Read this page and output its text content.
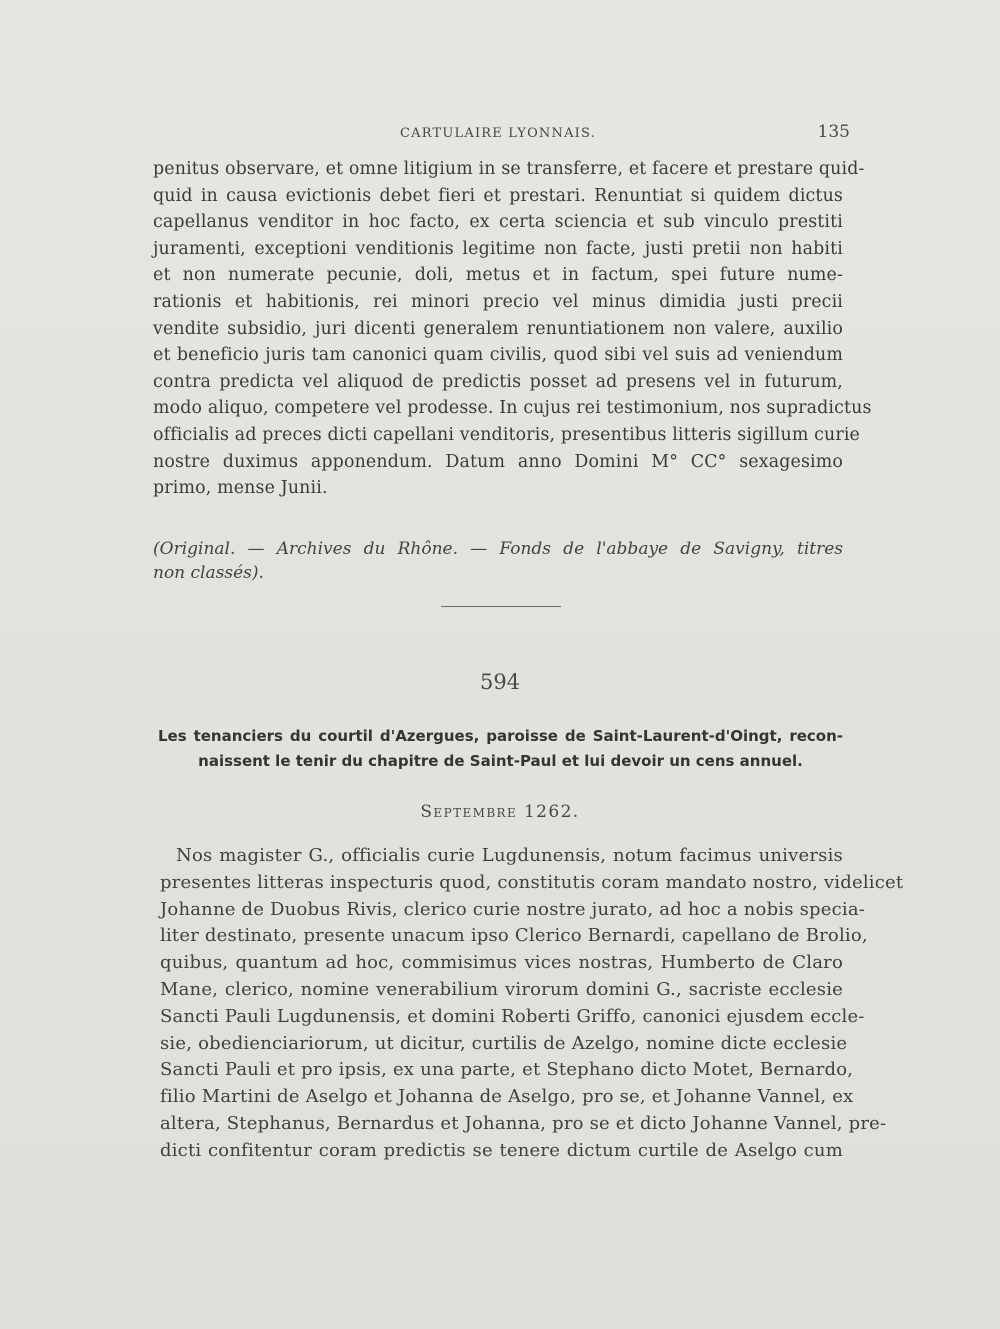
CARTULAIRE LYONNAIS.	135

penitus observare, et omne litigium in se transferre, et facere et prestare quid-
quid in causa evictionis debet fieri et prestari. Renuntiat si quidem dictus
capellanus venditor in hoc facto, ex certa sciencia et sub vinculo prestiti
juramenti, exceptioni venditionis legitime non facte, justi pretii non habiti
et non numerate pecunie, doli, metus et in factum, spei future nume-
rationis et habitionis, rei minori precio vel minus dimidia justi precii
vendite subsidio, juri dicenti generalem renuntiationem non valere, auxilio
et beneficio juris tam canonici quam civilis, quod sibi vel suis ad veniendum
contra predicta vel aliquod de predictis posset ad presens vel in futurum,
modo aliquo, competere vel prodesse. In cujus rei testimonium, nos supradictus
officialis ad preces dicti capellani venditoris, presentibus litteris sigillum curie
nostre duximus apponendum. Datum anno Domini M° CC° sexagesimo
primo, mense Junii.

(Original. — Archives du Rhône. — Fonds de l'abbaye de Savigny, titres
non classés).

594
Les tenanciers du courtil d'Azergues, paroisse de Saint-Laurent-d'Oingt, recon-
naissent le tenir du chapitre de Saint-Paul et lui devoir un cens annuel.
Septembre 1262.

Nos magister G., officialis curie Lugdunensis, notum facimus universis
presentes litteras inspecturis quod, constitutis coram mandato nostro, videlicet
Johanne de Duobus Rivis, clerico curie nostre jurato, ad hoc a nobis specia-
liter destinato, presente unacum ipso Clerico Bernardi, capellano de Brolio,
quibus, quantum ad hoc, commisimus vices nostras, Humberto de Claro
Mane, clerico, nomine venerabilium virorum domini G., sacriste ecclesie
Sancti Pauli Lugdunensis, et domini Roberti Griffo, canonici ejusdem eccle-
sie, obedienciariorum, ut dicitur, curtilis de Azelgo, nomine dicte ecclesie
Sancti Pauli et pro ipsis, ex una parte, et Stephano dicto Motet, Bernardo,
filio Martini de Aselgo et Johanna de Aselgo, pro se, et Johanne Vannel, ex
altera, Stephanus, Bernardus et Johanna, pro se et dicto Johanne Vannel, pre-
dicti confitentur coram predictis se tenere dictum curtile de Aselgo cum
